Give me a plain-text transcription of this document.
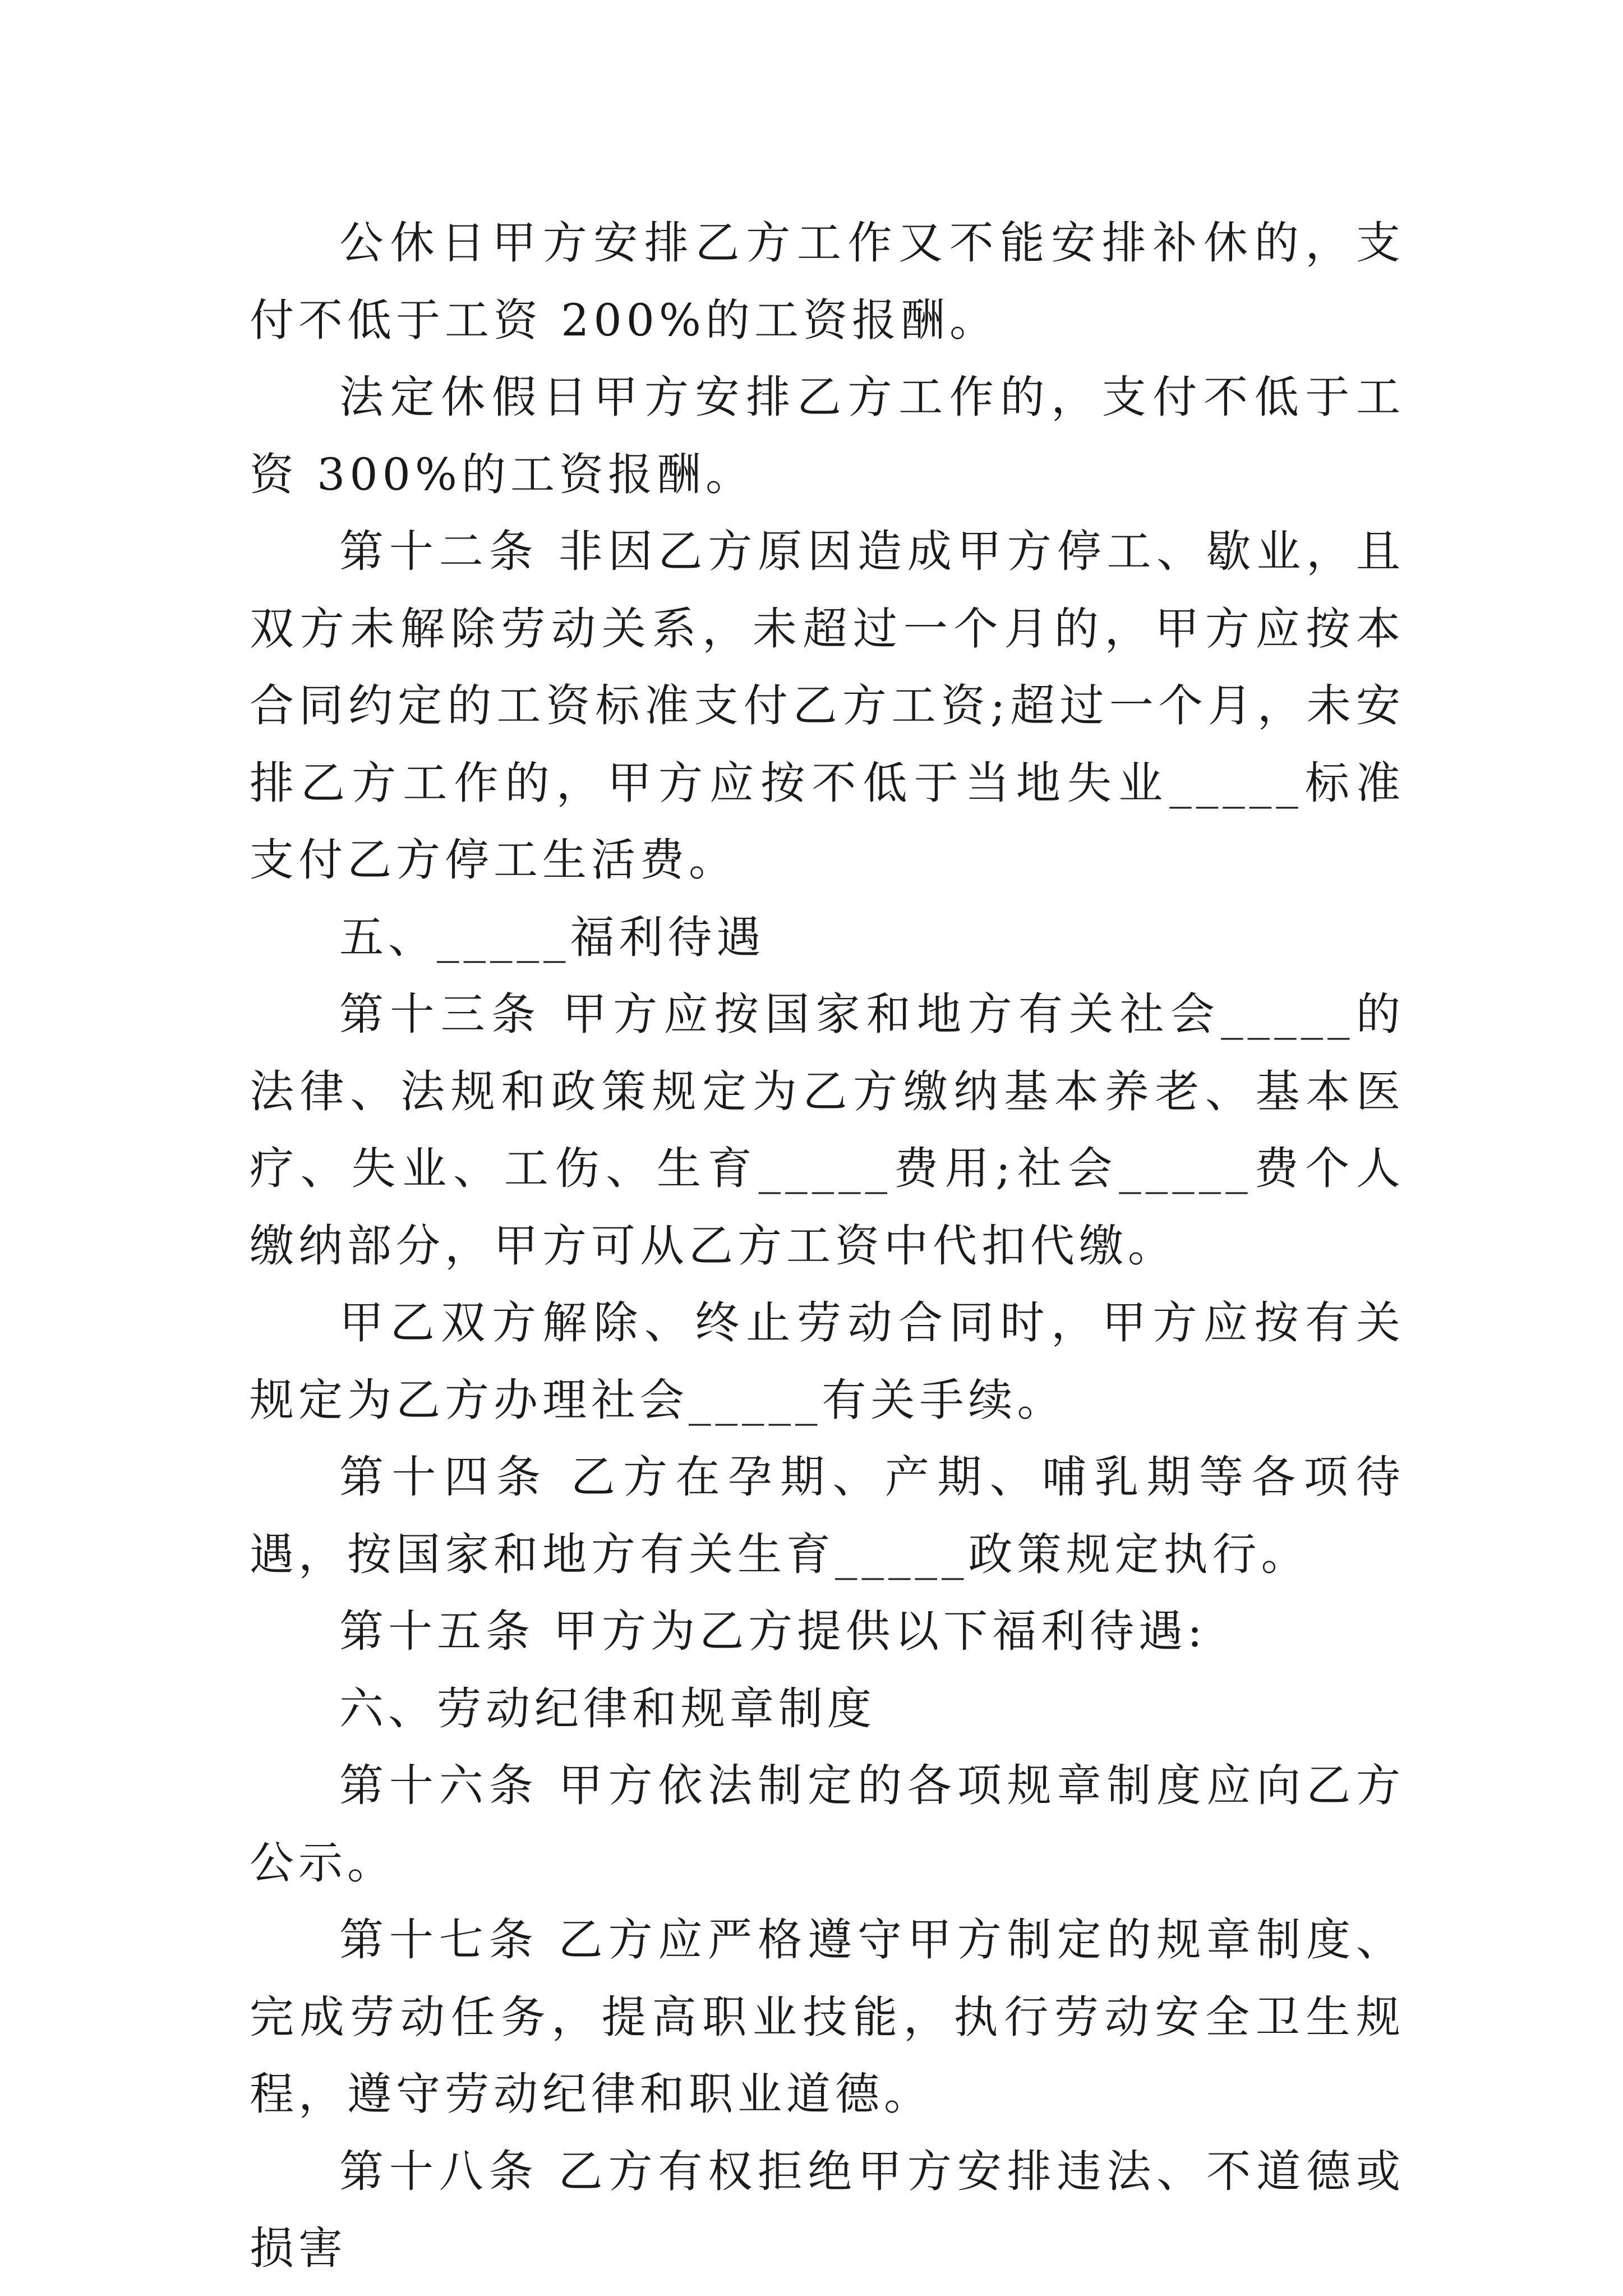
公休日甲方安排乙方工作又不能安排补休的，支付不低于工资 200%的工资报酬。

法定休假日甲方安排乙方工作的，支付不低于工资 300%的工资报酬。

第十二条 非因乙方原因造成甲方停工、歇业，且双方未解除劳动关系，未超过一个月的，甲方应按本合同约定的工资标准支付乙方工资;超过一个月，未安排乙方工作的，甲方应按不低于当地失业_____标准支付乙方停工生活费。

五、_____福利待遇

第十三条 甲方应按国家和地方有关社会_____的法律、法规和政策规定为乙方缴纳基本养老、基本医疗、失业、工伤、生育_____费用;社会_____费个人缴纳部分，甲方可从乙方工资中代扣代缴。

甲乙双方解除、终止劳动合同时，甲方应按有关规定为乙方办理社会_____有关手续。

第十四条 乙方在孕期、产期、哺乳期等各项待遇，按国家和地方有关生育_____政策规定执行。

第十五条 甲方为乙方提供以下福利待遇:

六、劳动纪律和规章制度

第十六条 甲方依法制定的各项规章制度应向乙方公示。

第十七条 乙方应严格遵守甲方制定的规章制度、完成劳动任务，提高职业技能，执行劳动安全卫生规程，遵守劳动纪律和职业道德。

第十八条 乙方有权拒绝甲方安排违法、不道德或损害
